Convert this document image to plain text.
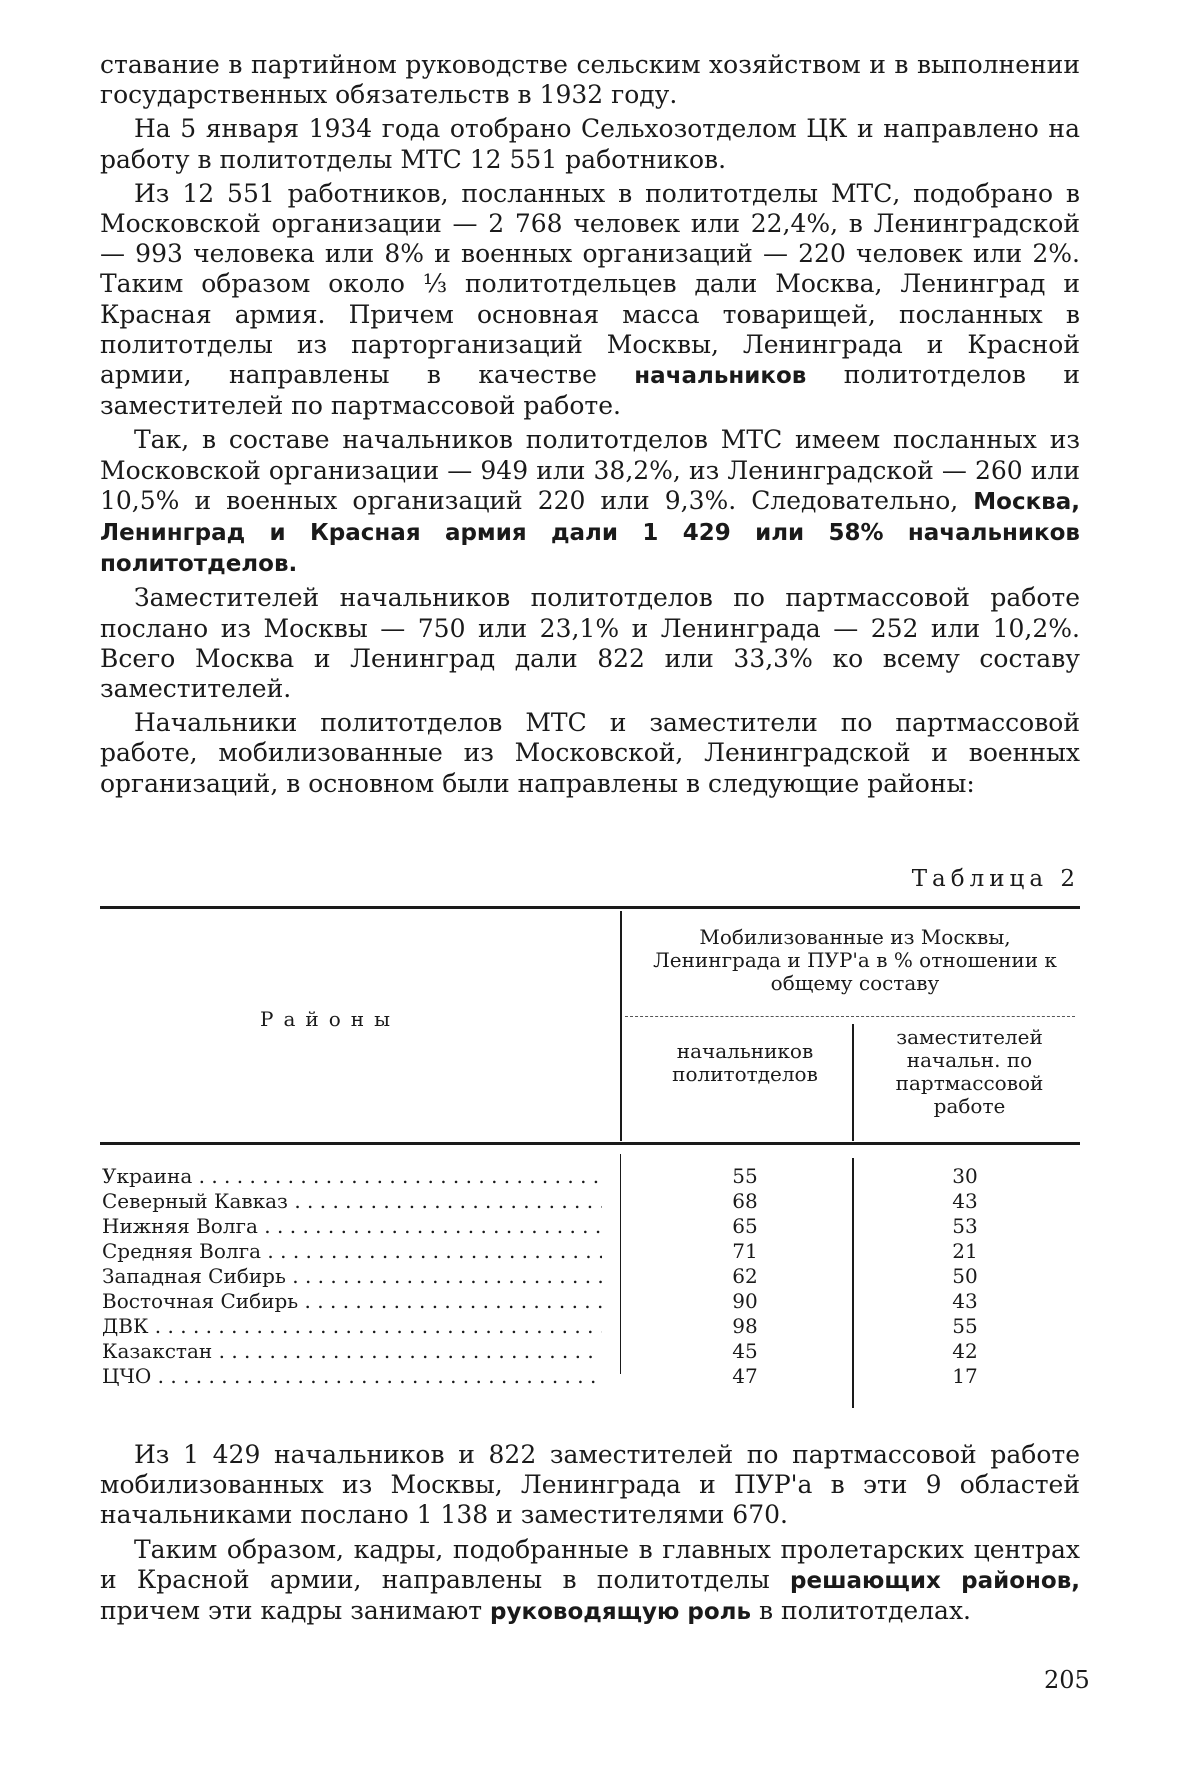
ставание в партийном руководстве сельским хозяйством и в выполнении государственных обязательств в 1932 году.

На 5 января 1934 года отобрано Сельхозотделом ЦК и направлено на работу в политотделы МТС 12 551 работников.

Из 12 551 работников, посланных в политотделы МТС, подобрано в Московской организации — 2 768 человек или 22,4%, в Ленинградской — 993 человека или 8% и военных организаций — 220 человек или 2%. Таким образом около ⅓ политотдельцев дали Москва, Ленинград и Красная армия. Причем основная масса товарищей, посланных в политотделы из парторганизаций Москвы, Ленинграда и Красной армии, направлены в качестве начальников политотделов и заместителей по партмассовой работе.

Так, в составе начальников политотделов МТС имеем посланных из Московской организации — 949 или 38,2%, из Ленинградской — 260 или 10,5% и военных организаций 220 или 9,3%. Следовательно, Москва, Ленинград и Красная армия дали 1 429 или 58% начальников политотделов.

Заместителей начальников политотделов по партмассовой работе послано из Москвы — 750 или 23,1% и Ленинграда — 252 или 10,2%. Всего Москва и Ленинград дали 822 или 33,3% ко всему составу заместителей.

Начальники политотделов МТС и заместители по партмассовой работе, мобилизованные из Московской, Ленинградской и военных организаций, в основном были направлены в следующие районы:

Таблица 2
Районы
Мобилизованные из Москвы, Ленинграда и ПУР'а в % отношении к общему составу
начальников политотделов
заместителей начальн. по партмассовой работе
Украина . . .	55	30
Северный Кавказ . . .	68	43
Нижняя Волга . . .	65	53
Средняя Волга . . .	71	21
Западная Сибирь . . .	62	50
Восточная Сибирь . . .	90	43
ДВК . . .	98	55
Казакстан . . .	45	42
ЦЧО . . .	47	17

Из 1 429 начальников и 822 заместителей по партмассовой работе мобилизованных из Москвы, Ленинграда и ПУР'а в эти 9 областей начальниками послано 1 138 и заместителями 670.

Таким образом, кадры, подобранные в главных пролетарских центрах и Красной армии, направлены в политотделы решающих районов, причем эти кадры занимают руководящую роль в политотделах.

205
